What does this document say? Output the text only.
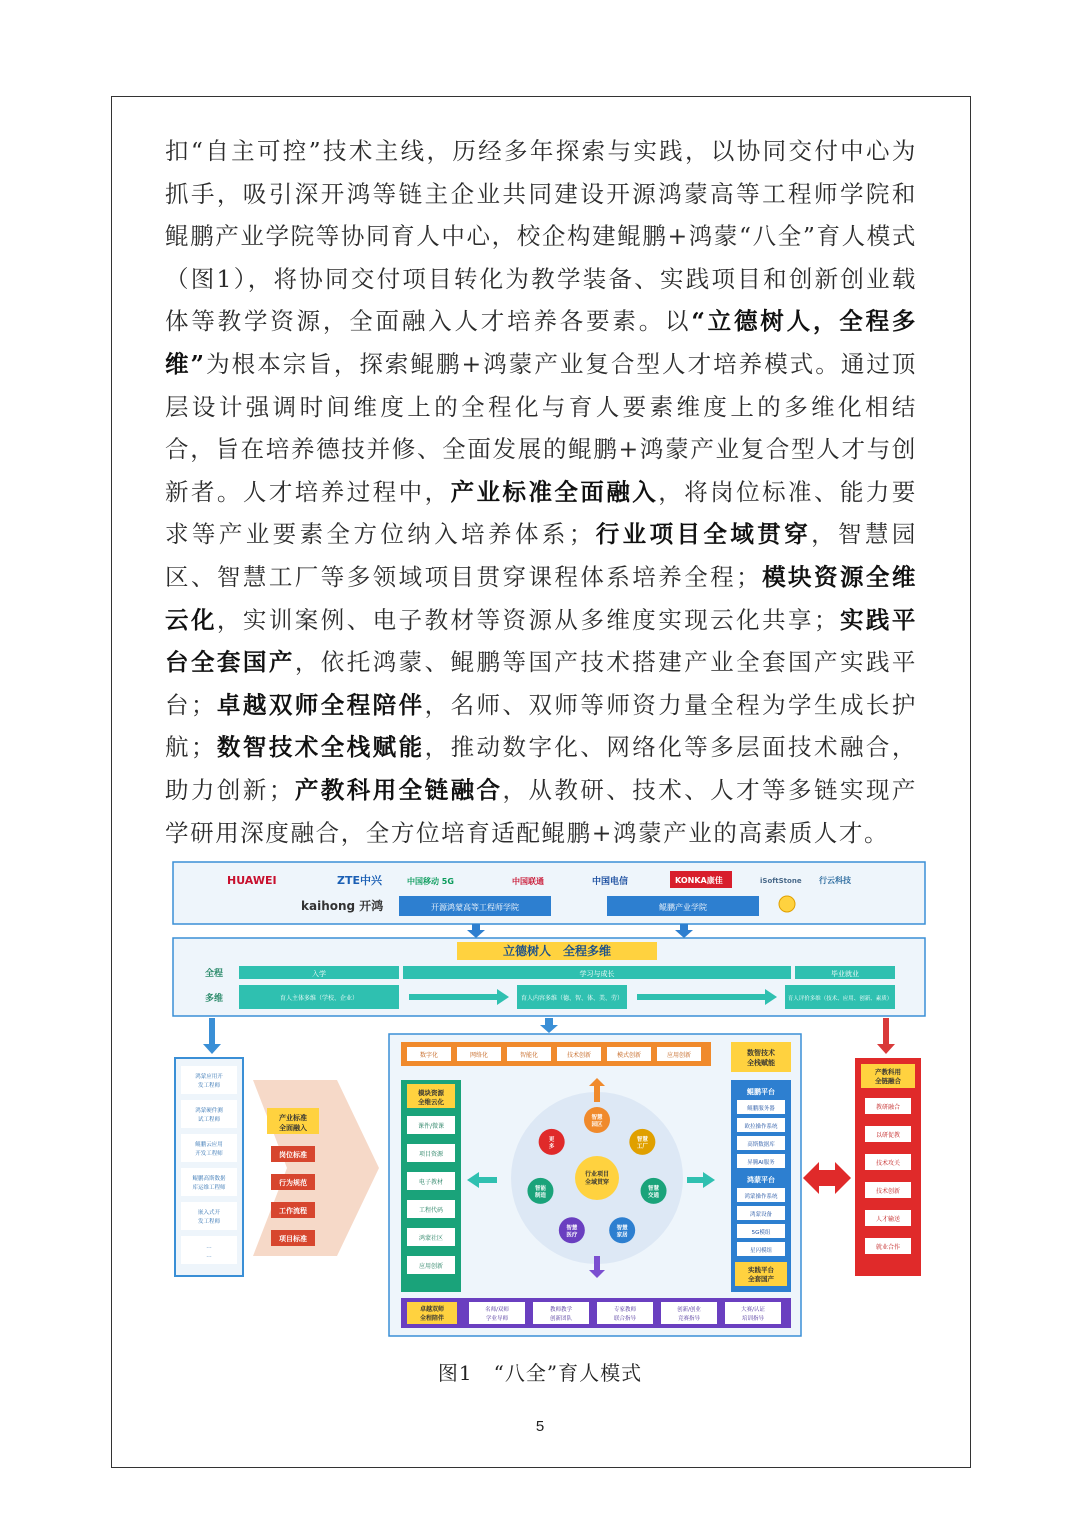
扣“自主可控”技术主线，历经多年探索与实践，以协同交付中心为抓手，吸引深开鸿等链主企业共同建设开源鸿蒙高等工程师学院和鲲鹏产业学院等协同育人中心，校企构建鲲鹏+鸿蒙“八全”育人模式（图1），将协同交付项目转化为教学装备、实践项目和创新创业载体等教学资源，全面融入人才培养各要素。以“立德树人，全程多维”为根本宗旨，探索鲲鹏+鸿蒙产业复合型人才培养模式。通过顶层设计强调时间维度上的全程化与育人要素维度上的多维化相结合，旨在培养德技并修、全面发展的鲲鹏+鸿蒙产业复合型人才与创新者。人才培养过程中，产业标准全面融入，将岗位标准、能力要求等产业要素全方位纳入培养体系；行业项目全域贯穿，智慧园区、智慧工厂等多领域项目贯穿课程体系培养全程；模块资源全维云化，实训案例、电子教材等资源从多维度实现云化共享；实践平台全套国产，依托鸿蒙、鲲鹏等国产技术搭建产业全套国产实践平台；卓越双师全程陪伴，名师、双师等师资力量全程为学生成长护航；数智技术全栈赋能，推动数字化、网络化等多层面技术融合，助力创新；产教科用全链融合，从教研、技术、人才等多链实现产学研用深度融合，全方位培育适配鲲鹏+鸿蒙产业的高素质人才。

HUAWEI	ZTE中兴	中国移动 5G	中国联通	中国电信	KONKA康佳	iSoftStone 行云科技
kaihong 开鸿	开源鸿蒙高等工程师学院	鲲鹏产业学院
立德树人　全程多维
全程
多维
入学	学习与成长	毕业就业
育人主体多维（学校、企业）	育人内容多维（德、智、体、美、劳）	育人评价多维（技术、应用、创新、素质）
鸿蒙应用开
发工程师
鸿蒙硬件测
试工程师
鲲鹏云应用
开发工程师
鲲鹏高斯数据
库运维工程师
嵌入式开
发工程师
…
…
产业标准
全面融入
岗位标准
行为规范
工作流程
项目标准
数字化	网络化	智能化	技术创新	模式创新	应用创新	数智技术
全栈赋能
模块资源
全维云化
课件/微课
项目资源
电子教材
工程代码
鸿蒙社区
应用创新
行业项目
全域贯穿
智慧
园区
智慧
工厂
智慧
交通
智慧
家居
智慧
医疗
智能
制造
更
多
鲲鹏平台
鲲鹏服务器
欧拉操作系统
高斯数据库
昇腾AI服务
鸿蒙平台
鸿蒙操作系统
鸿蒙设备
5G模组
星闪模组
实践平台
全套国产
卓越双师
全程陪伴
名师/双师
学业导师
教师教学
创新团队
专家教师
联合指导
创新/创业
竞赛指导
大赛/认证
培训指导
产教科用
全链融合
教研融合
以研促教
技术攻关
技术创新
人才输送
就业合作
图1　“八全”育人模式
5
